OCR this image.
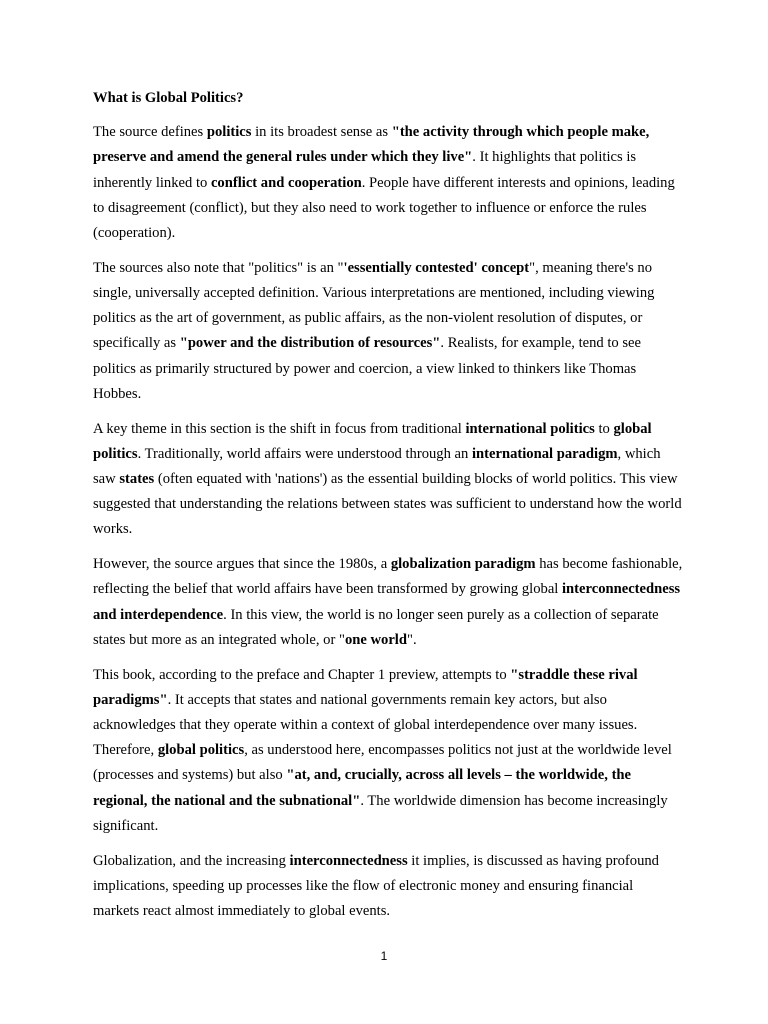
What is Global Politics?

The source defines politics in its broadest sense as "the activity through which people make, preserve and amend the general rules under which they live". It highlights that politics is inherently linked to conflict and cooperation. People have different interests and opinions, leading to disagreement (conflict), but they also need to work together to influence or enforce the rules (cooperation).

The sources also note that "politics" is an "'essentially contested' concept", meaning there's no single, universally accepted definition. Various interpretations are mentioned, including viewing politics as the art of government, as public affairs, as the non-violent resolution of disputes, or specifically as "power and the distribution of resources". Realists, for example, tend to see politics as primarily structured by power and coercion, a view linked to thinkers like Thomas Hobbes.

A key theme in this section is the shift in focus from traditional international politics to global politics. Traditionally, world affairs were understood through an international paradigm, which saw states (often equated with 'nations') as the essential building blocks of world politics. This view suggested that understanding the relations between states was sufficient to understand how the world works.

However, the source argues that since the 1980s, a globalization paradigm has become fashionable, reflecting the belief that world affairs have been transformed by growing global interconnectedness and interdependence. In this view, the world is no longer seen purely as a collection of separate states but more as an integrated whole, or "one world".

This book, according to the preface and Chapter 1 preview, attempts to "straddle these rival paradigms". It accepts that states and national governments remain key actors, but also acknowledges that they operate within a context of global interdependence over many issues. Therefore, global politics, as understood here, encompasses politics not just at the worldwide level (processes and systems) but also "at, and, crucially, across all levels – the worldwide, the regional, the national and the subnational". The worldwide dimension has become increasingly significant.

Globalization, and the increasing interconnectedness it implies, is discussed as having profound implications, speeding up processes like the flow of electronic money and ensuring financial markets react almost immediately to global events.

1
